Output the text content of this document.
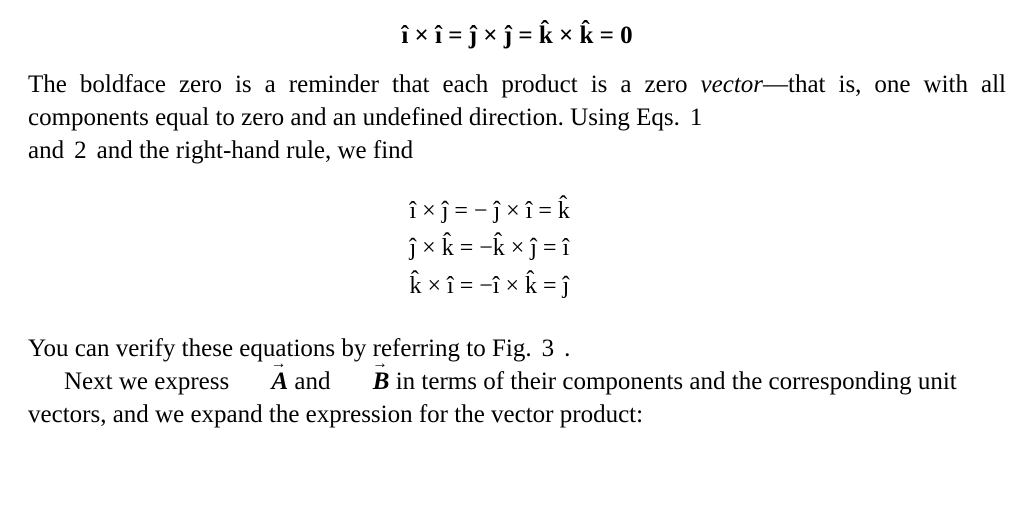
î × î = ĵ × ĵ = k̂ × k̂ = 0
The boldface zero is a reminder that each product is a zero vector—that is, one with all components equal to zero and an undefined direction. Using Eqs. 1
and 2 and the right-hand rule, we find
î × ĵ = − ĵ × î = k̂
ĵ × k̂ = −k̂ × ĵ = î
k̂ × î = −î × k̂ = ĵ
You can verify these equations by referring to Fig. 3 .
Next we express A → and B → in terms of their components and the corresponding unit vectors, and we expand the expression for the vector product:
